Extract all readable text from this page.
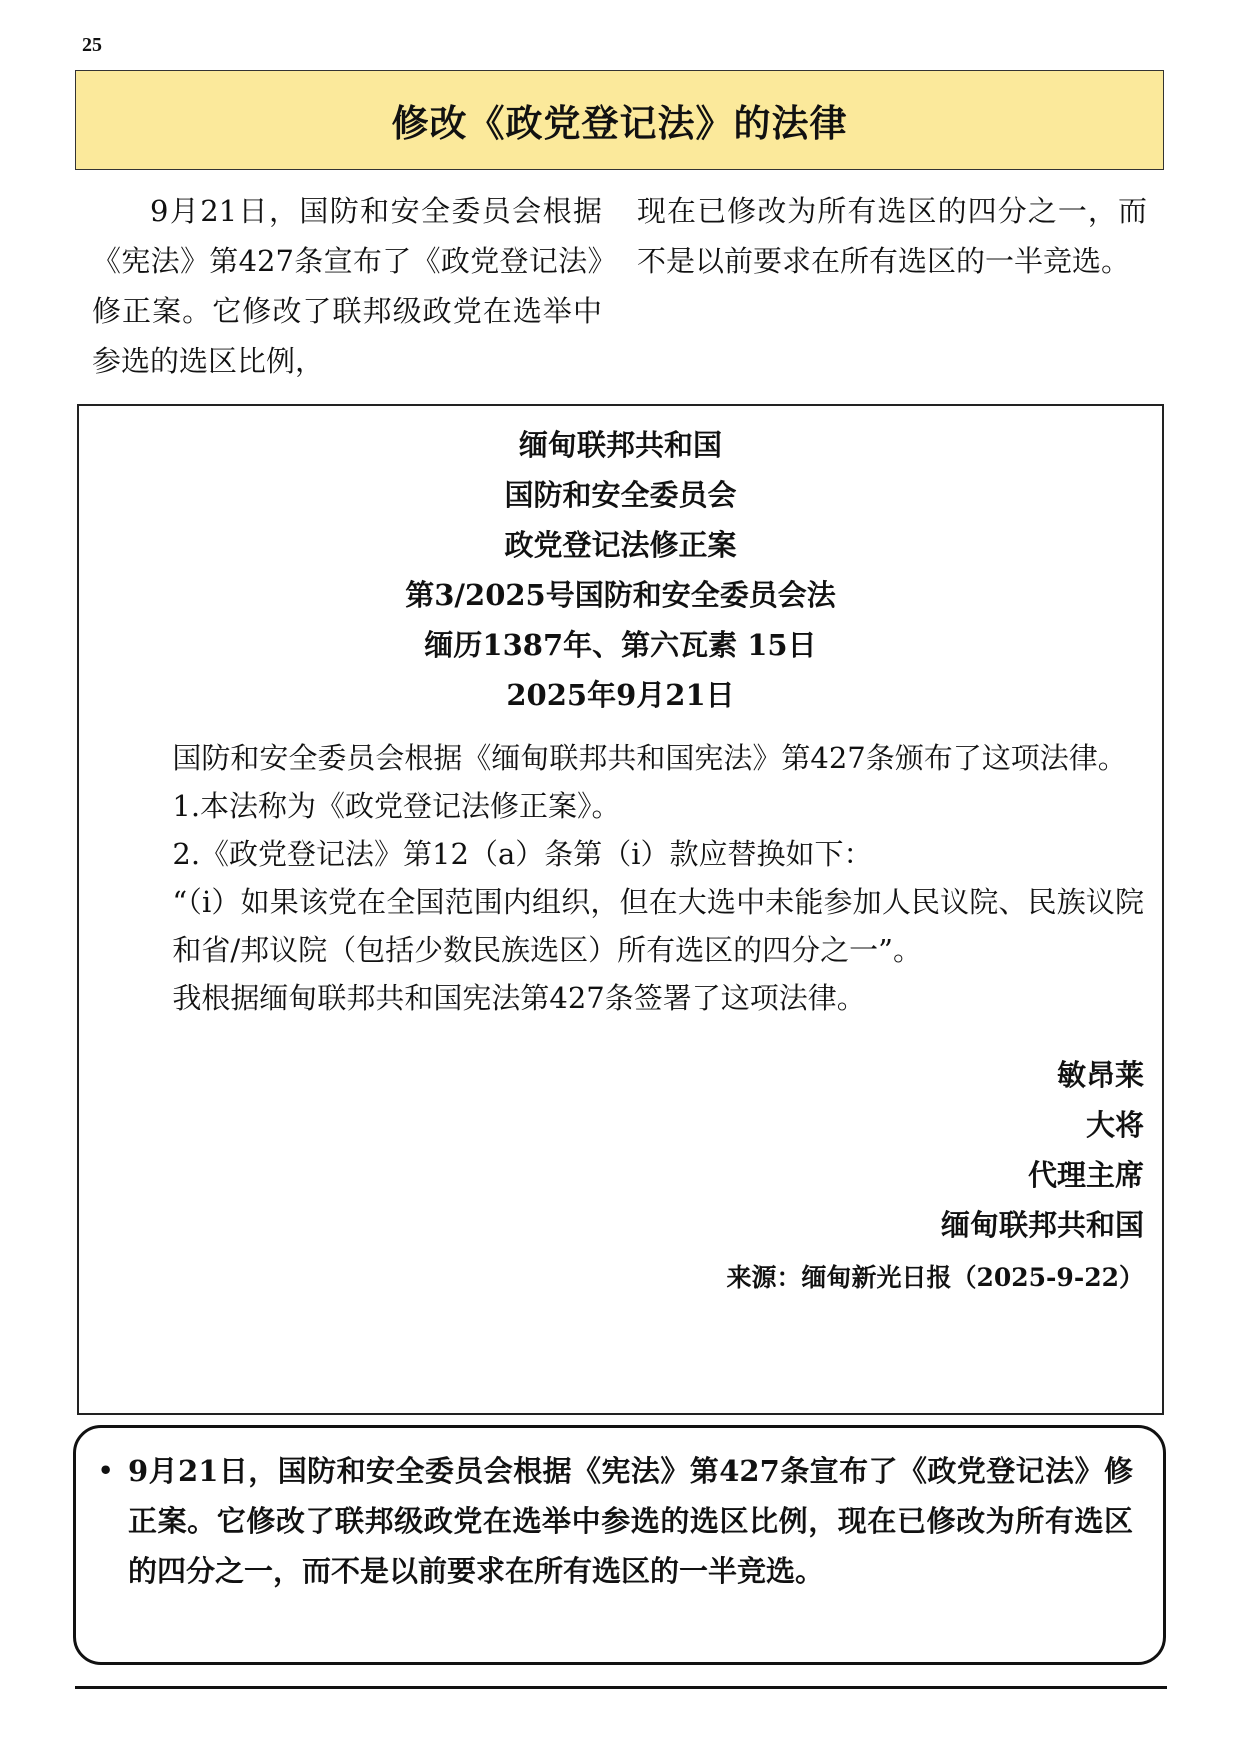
25
修改《政党登记法》的法律
9月21日，国防和安全委员会根据《宪法》第427条宣布了《政党登记法》修正案。它修改了联邦级政党在选举中参选的选区比例，
现在已修改为所有选区的四分之一，而不是以前要求在所有选区的一半竞选。
缅甸联邦共和国
国防和安全委员会
政党登记法修正案
第3/2025号国防和安全委员会法
缅历1387年、第六瓦素 15日
2025年9月21日

国防和安全委员会根据《缅甸联邦共和国宪法》第427条颁布了这项法律。

1.本法称为《政党登记法修正案》。

2.《政党登记法》第12（a）条第（i）款应替换如下：

“（i）如果该党在全国范围内组织，但在大选中未能参加人民议院、民族议院和省/邦议院（包括少数民族选区）所有选区的四分之一”。

我根据缅甸联邦共和国宪法第427条签署了这项法律。

敏昂莱
大将
代理主席
缅甸联邦共和国
来源：缅甸新光日报（2025-9-22）
• 9月21日，国防和安全委员会根据《宪法》第427条宣布了《政党登记法》修正案。它修改了联邦级政党在选举中参选的选区比例，现在已修改为所有选区的四分之一，而不是以前要求在所有选区的一半竞选。
